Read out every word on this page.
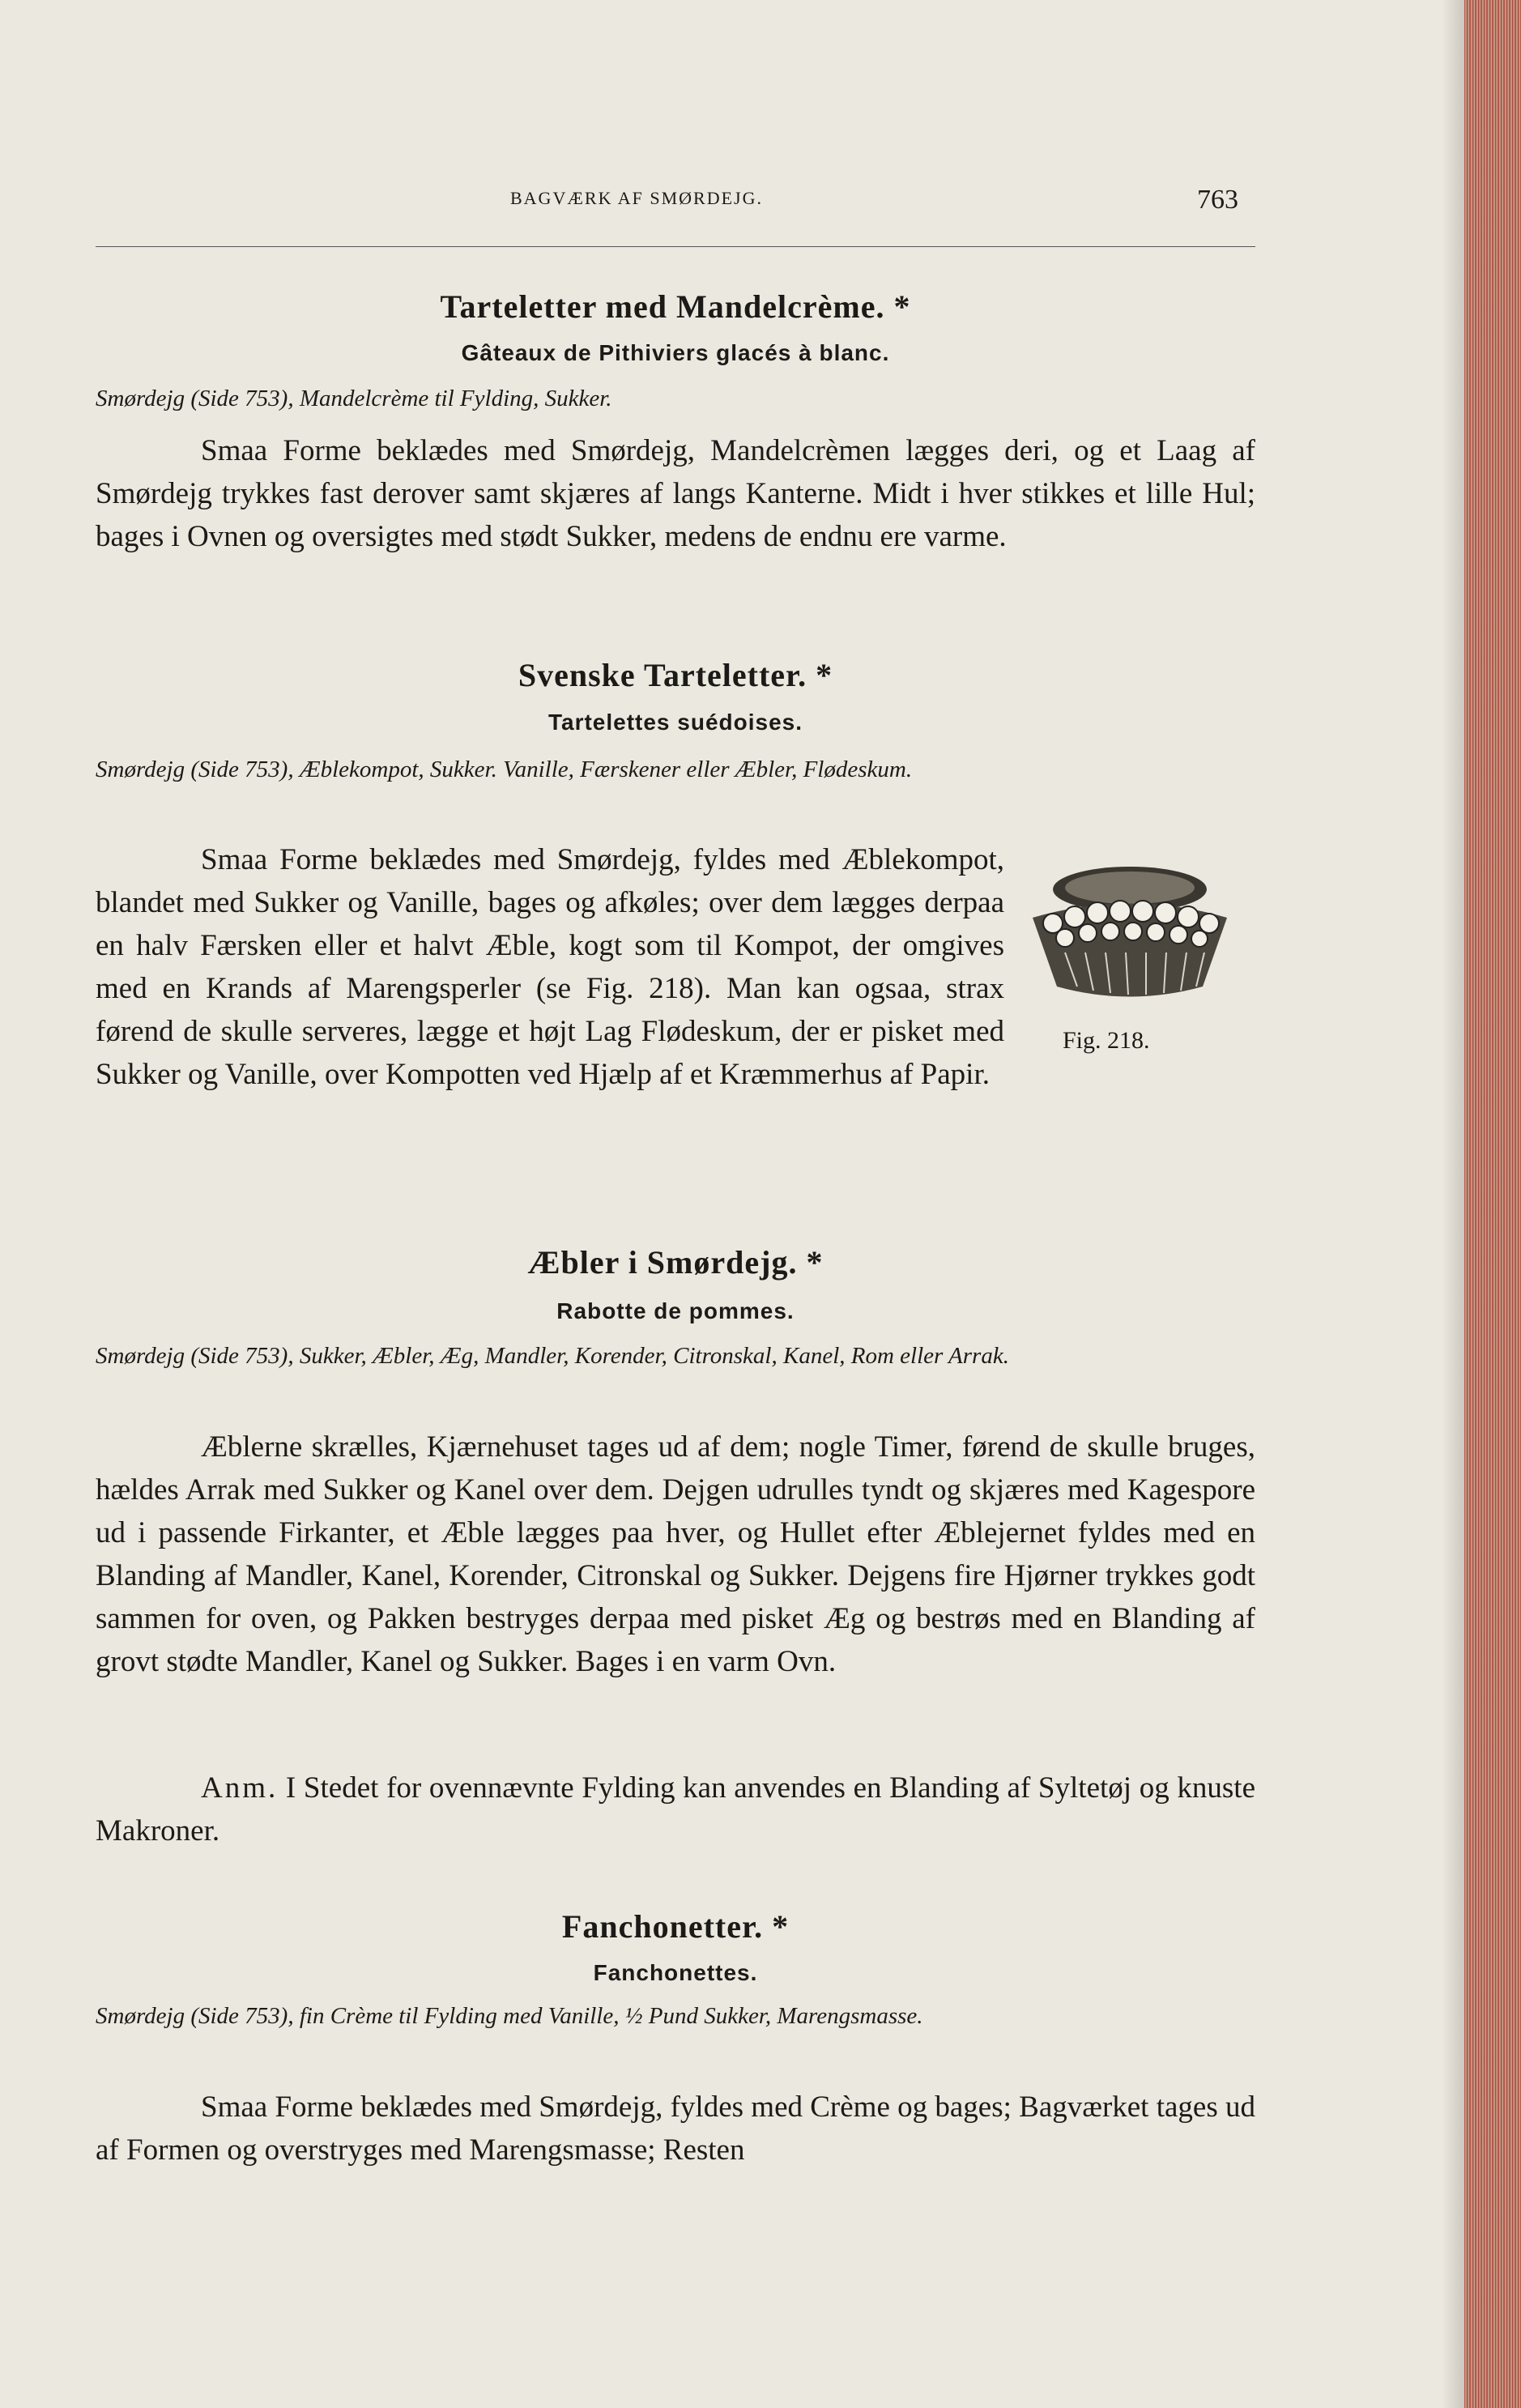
BAGVÆRK AF SMØRDEJG.	763
Tarteletter med Mandelcrème. *
Gâteaux de Pithiviers glacés à blanc.
Smørdejg (Side 753), Mandelcrème til Fylding, Sukker.
Smaa Forme beklædes med Smørdejg, Mandelcrèmen lægges deri, og et Laag af Smørdejg trykkes fast derover samt skjæres af langs Kanterne. Midt i hver stikkes et lille Hul; bages i Ovnen og oversigtes med stødt Sukker, medens de endnu ere varme.
Svenske Tarteletter. *
Tartelettes suédoises.
Smørdejg (Side 753), Æblekompot, Sukker. Vanille, Færskener eller Æbler, Flødeskum.
Smaa Forme beklædes med Smørdejg, fyldes med Æblekompot, blandet med Sukker og Vanille, bages og afkøles; over dem lægges derpaa en halv Færsken eller et halvt Æble, kogt som til Kompot, der omgives med en Krands af Marengsperler (se Fig. 218). Man kan ogsaa, strax førend de skulle serveres, lægge et højt Lag Flødeskum, der er pisket med Sukker og Vanille, over Kompotten ved Hjælp af et Kræmmerhus af Papir.
Fig. 218.
Æbler i Smørdejg. *
Rabotte de pommes.
Smørdejg (Side 753), Sukker, Æbler, Æg, Mandler, Korender, Citronskal, Kanel, Rom eller Arrak.
Æblerne skrælles, Kjærnehuset tages ud af dem; nogle Timer, førend de skulle bruges, hældes Arrak med Sukker og Kanel over dem. Dejgen udrulles tyndt og skjæres med Kagespore ud i passende Firkanter, et Æble lægges paa hver, og Hullet efter Æblejernet fyldes med en Blanding af Mandler, Kanel, Korender, Citronskal og Sukker. Dejgens fire Hjørner trykkes godt sammen for oven, og Pakken bestryges derpaa med pisket Æg og bestrøs med en Blanding af grovt stødte Mandler, Kanel og Sukker. Bages i en varm Ovn.
Anm. I Stedet for ovennævnte Fylding kan anvendes en Blanding af Syltetøj og knuste Makroner.
Fanchonetter. *
Fanchonettes.
Smørdejg (Side 753), fin Crème til Fylding med Vanille, ½ Pund Sukker, Marengsmasse.
Smaa Forme beklædes med Smørdejg, fyldes med Crème og bages; Bagværket tages ud af Formen og overstryges med Marengsmasse; Resten
